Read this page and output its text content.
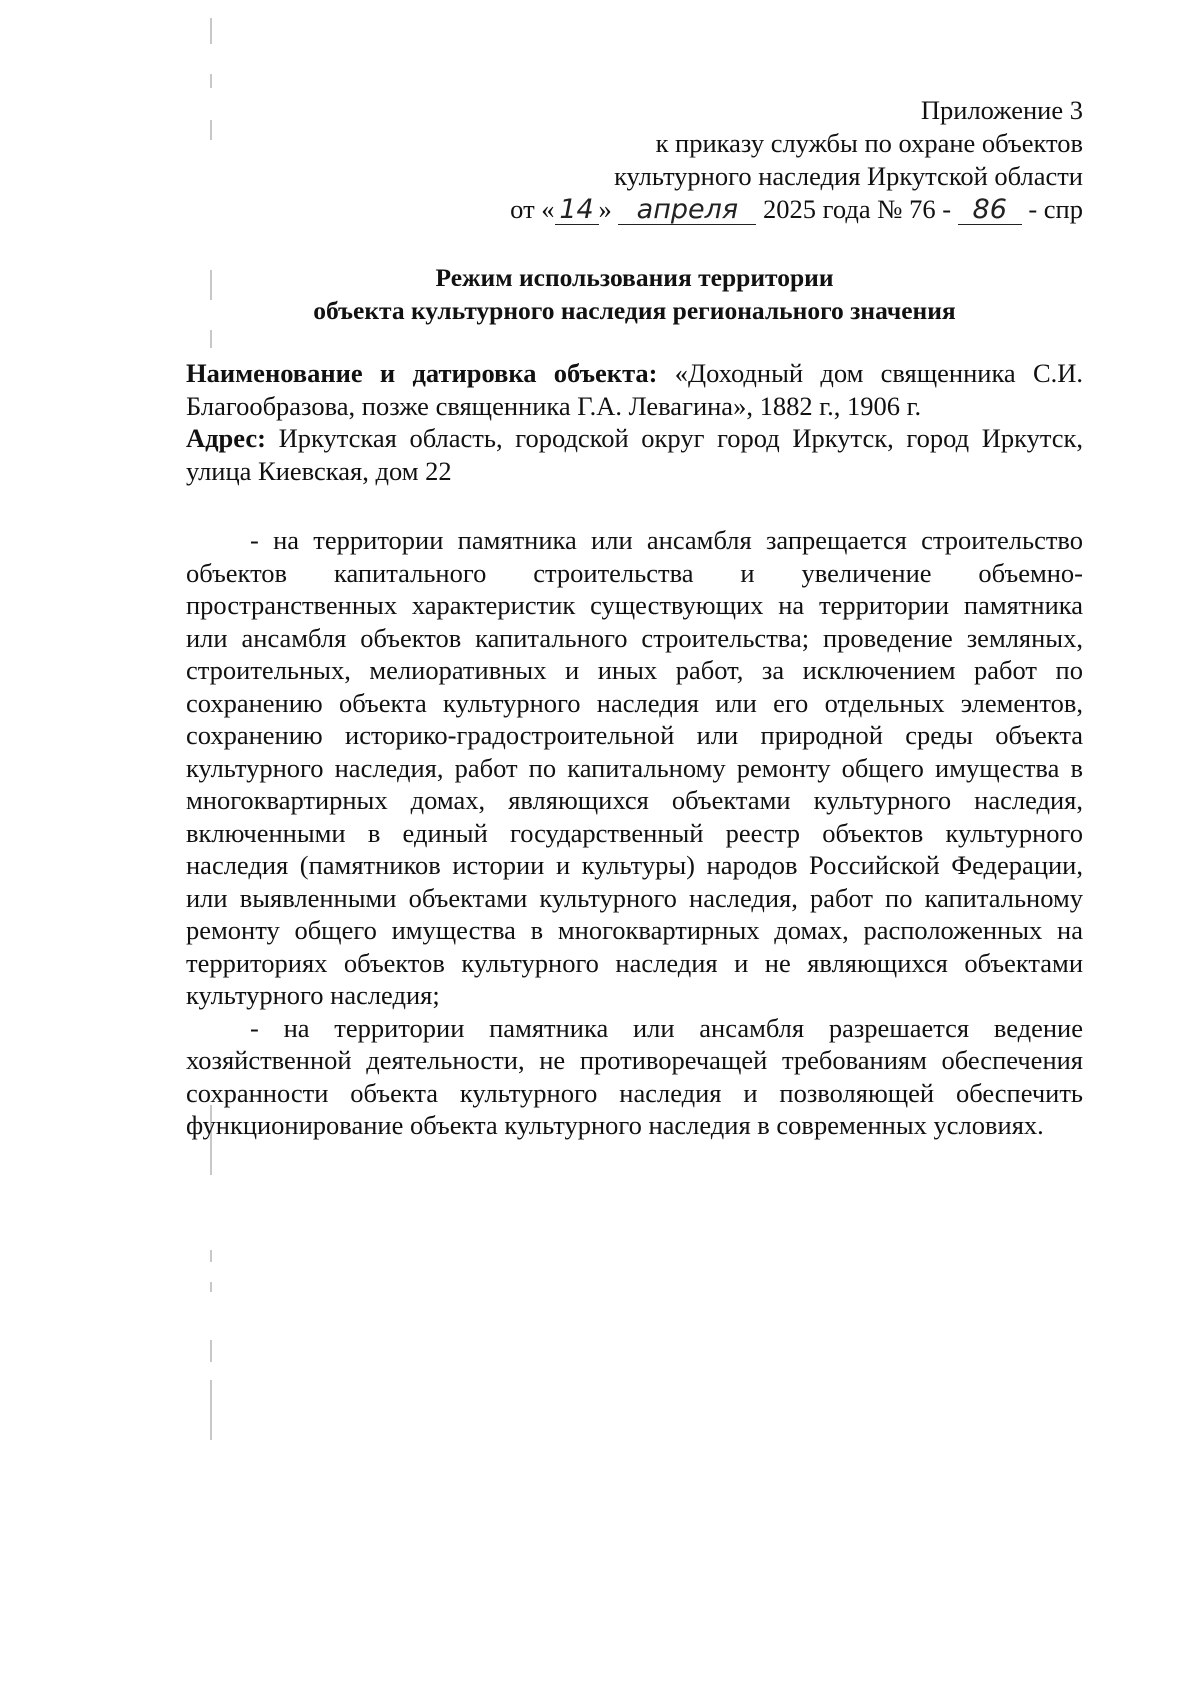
Приложение 3
к приказу службы по охране объектов
культурного наследия Иркутской области
от « 14 » апреля 2025 года № 76 - 86 - спр
Режим использования территории
объекта культурного наследия регионального значения

Наименование и датировка объекта: «Доходный дом священника С.И. Благообразова, позже священника Г.А. Левагина», 1882 г., 1906 г.

Адрес: Иркутская область, городской округ город Иркутск, город Иркутск, улица Киевская, дом 22

- на территории памятника или ансамбля запрещается строительство объектов капитального строительства и увеличение объемно-пространственных характеристик существующих на территории памятника или ансамбля объектов капитального строительства; проведение земляных, строительных, мелиоративных и иных работ, за исключением работ по сохранению объекта культурного наследия или его отдельных элементов, сохранению историко-градостроительной или природной среды объекта культурного наследия, работ по капитальному ремонту общего имущества в многоквартирных домах, являющихся объектами культурного наследия, включенными в единый государственный реестр объектов культурного наследия (памятников истории и культуры) народов Российской Федерации, или выявленными объектами культурного наследия, работ по капитальному ремонту общего имущества в многоквартирных домах, расположенных на территориях объектов культурного наследия и не являющихся объектами культурного наследия;

- на территории памятника или ансамбля разрешается ведение хозяйственной деятельности, не противоречащей требованиям обеспечения сохранности объекта культурного наследия и позволяющей обеспечить функционирование объекта культурного наследия в современных условиях.
